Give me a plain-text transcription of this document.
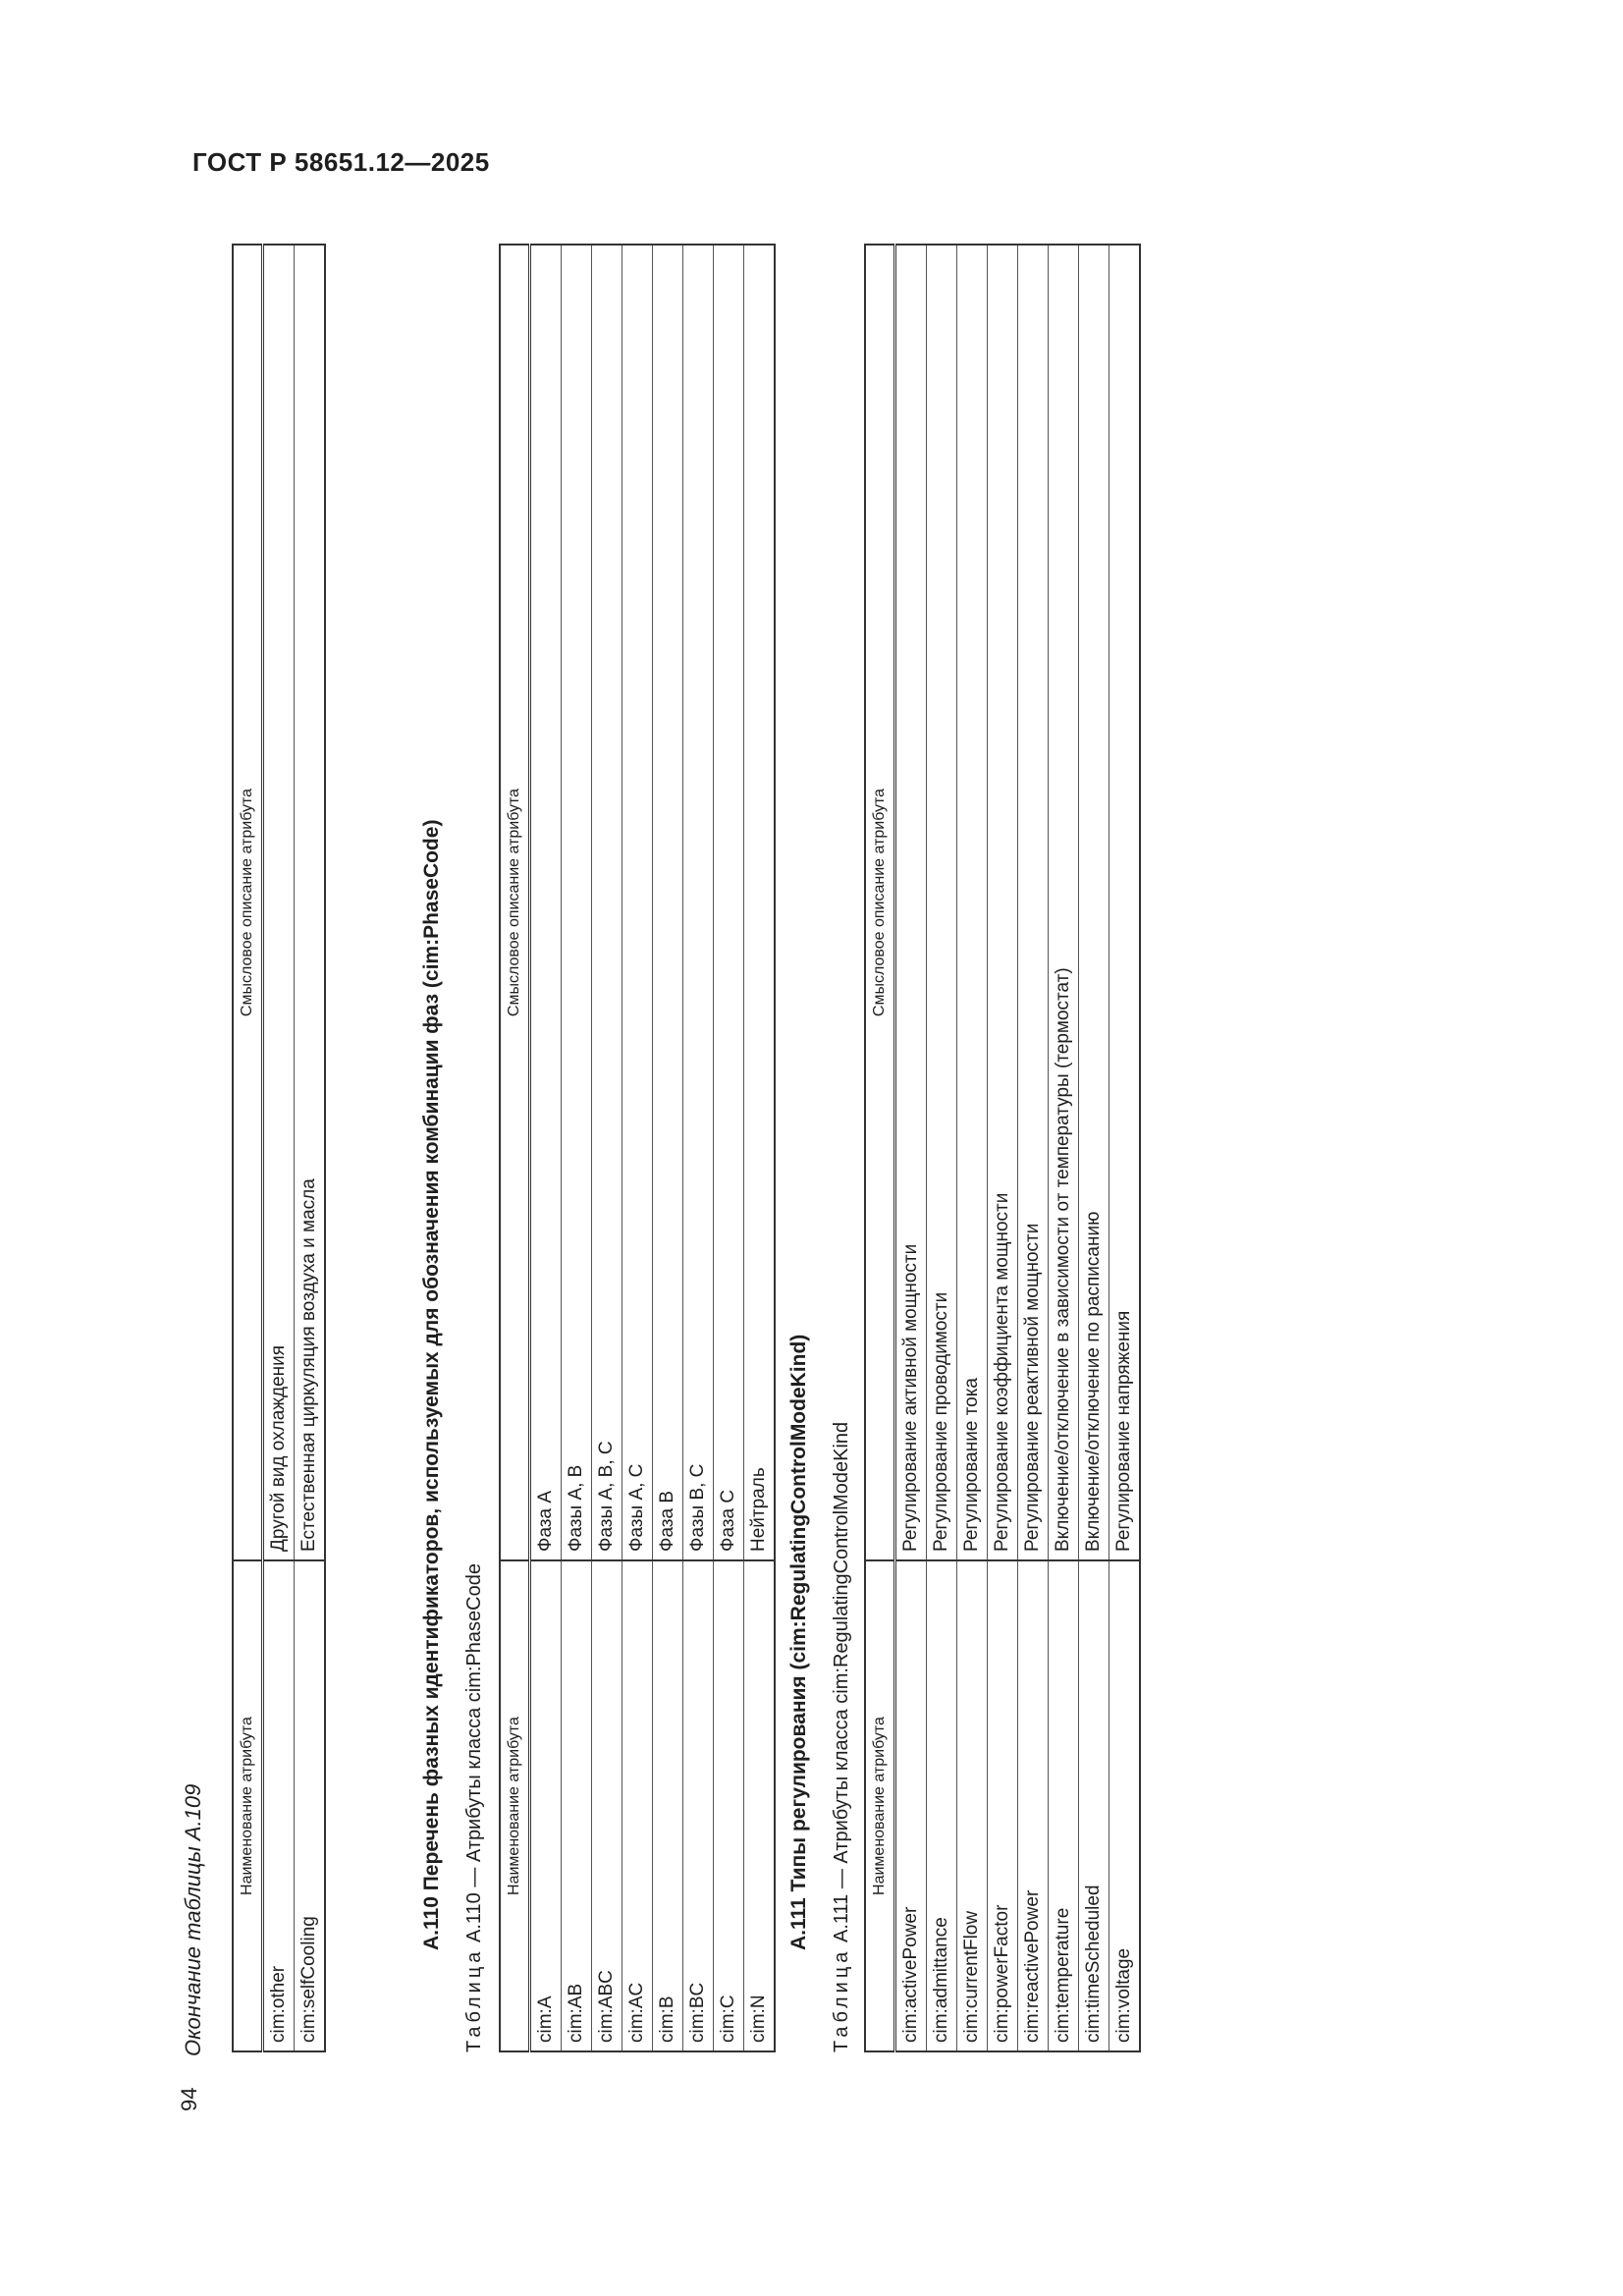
ГОСТ Р 58651.12—2025
94
Окончание таблицы А.109 Наименование атрибута	Смысловое описание атрибута
cim:other	Другой вид охлаждения
cim:selfCooling	Естественная циркуляция воздуха и масла	А.110 Перечень фазных идентификаторов, используемых для обозначения комбинации фаз (cim:PhaseCode)
Таблица А.110 — Атрибуты класса cim:PhaseCode Наименование атрибута	Смысловое описание атрибута
cim:A	Фаза А
cim:AB	Фазы А, В
cim:ABC	Фазы А, В, С
cim:AC	Фазы А, С
cim:B	Фаза В
cim:BC	Фазы В, С
cim:C	Фаза С
cim:N	Нейтраль А.111 Типы регулирования (cim:RegulatingControlModeKind)
Таблица А.111 — Атрибуты класса cim:RegulatingControlModeKind Наименование атрибута	Смысловое описание атрибута
cim:activePower	Регулирование активной мощности
cim:admittance	Регулирование проводимости
cim:currentFlow	Регулирование тока
cim:powerFactor	Регулирование коэффициента мощности
cim:reactivePower	Регулирование реактивной мощности
cim:temperature	Включение/отключение в зависимости от температуры (термостат)
cim:timeScheduled	Включение/отключение по расписанию
cim:voltage	Регулирование напряжения
